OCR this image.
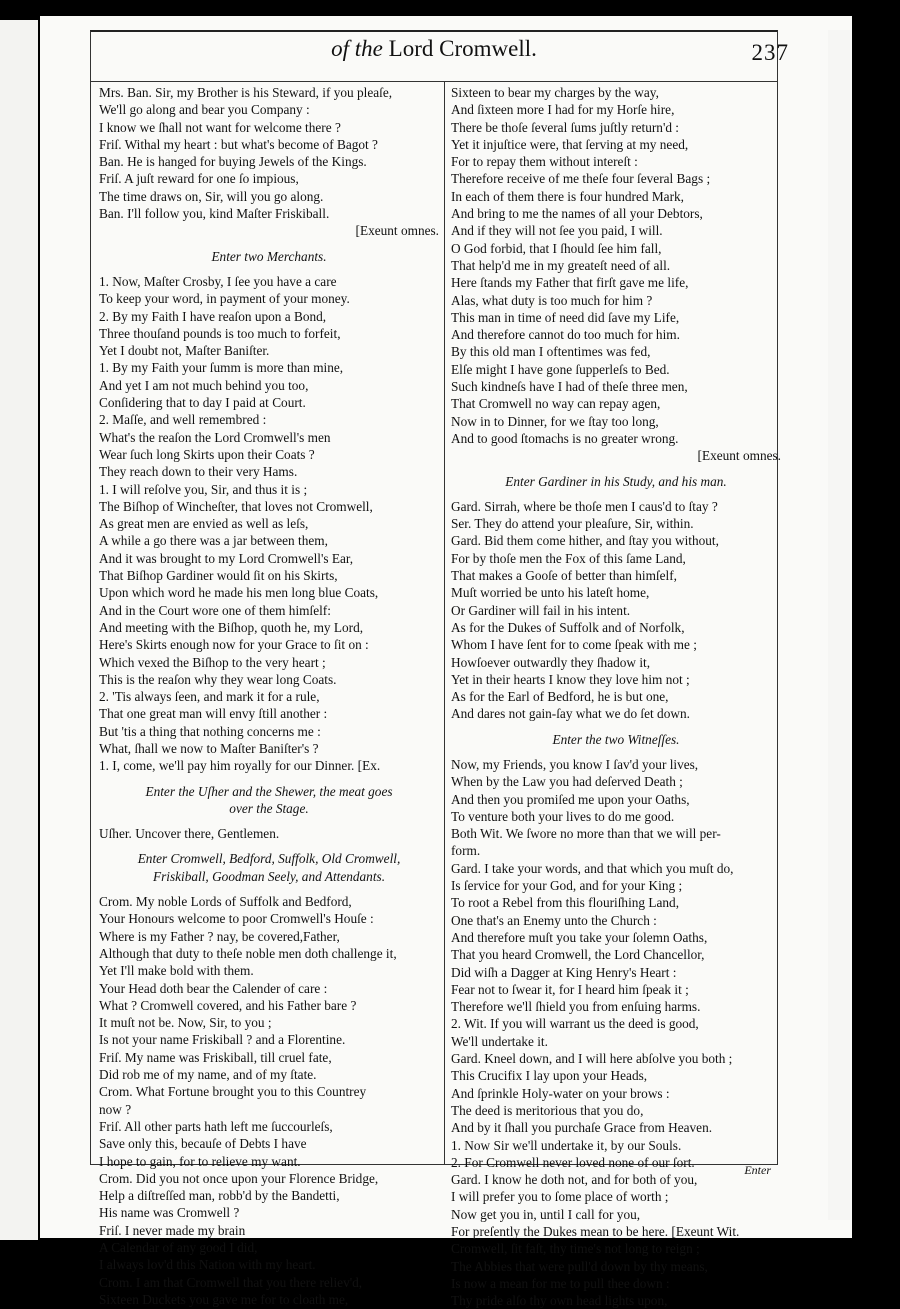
of the Lord Cromwell.	237
Mrs. Ban. Sir, my Brother is his Steward, if you pleaſe,
We'll go along and bear you Company :
I know we ſhall not want for welcome there ?
Friſ. Withal my heart : but what's become of Bagot ?
Ban. He is hanged for buying Jewels of the Kings.
Friſ. A juſt reward for one ſo impious,
The time draws on, Sir, will you go along.
Ban. I'll follow you, kind Maſter Friskiball.
[Exeunt omnes.
Enter two Merchants.
1. Now, Maſter Crosby, I ſee you have a care
To keep your word, in payment of your money.
2. By my Faith I have reaſon upon a Bond,
Three thouſand pounds is too much to forfeit,
Yet I doubt not, Maſter Baniſter.
1. By my Faith your ſumm is more than mine,
And yet I am not much behind you too,
Conſidering that to day I paid at Court.
2. Maſſe, and well remembred :
What's the reaſon the Lord Cromwell's men
Wear ſuch long Skirts upon their Coats ?
They reach down to their very Hams.
1. I will reſolve you, Sir, and thus it is ;
The Biſhop of Wincheſter, that loves not Cromwell,
As great men are envied as well as leſs,
A while a go there was a jar between them,
And it was brought to my Lord Cromwell's Ear,
That Biſhop Gardiner would ſit on his Skirts,
Upon which word he made his men long blue Coats,
And in the Court wore one of them himſelf:
And meeting with the Biſhop, quoth he, my Lord,
Here's Skirts enough now for your Grace to ſit on :
Which vexed the Biſhop to the very heart ;
This is the reaſon why they wear long Coats.
2. 'Tis always ſeen, and mark it for a rule,
That one great man will envy ſtill another :
But 'tis a thing that nothing concerns me :
What, ſhall we now to Maſter Baniſter's ?
1. I, come, we'll pay him royally for our Dinner. [Ex.
Enter the Uſher and the Shewer, the meat goes
over the Stage.
Uſher. Uncover there, Gentlemen.
Enter Cromwell, Bedford, Suffolk, Old Cromwell,
Friskiball, Goodman Seely, and Attendants.
Crom. My noble Lords of Suffolk and Bedford,
Your Honours welcome to poor Cromwell's Houſe :
Where is my Father ? nay, be covered,Father,
Although that duty to theſe noble men doth challenge it,
Yet I'll make bold with them.
Your Head doth bear the Calender of care :
What ? Cromwell covered, and his Father bare ?
It muſt not be. Now, Sir, to you ;
Is not your name Friskiball ? and a Florentine.
Friſ. My name was Friskiball, till cruel fate,
Did rob me of my name, and of my ſtate.
Crom. What Fortune brought you to this Countrey
now ?
Friſ. All other parts hath left me ſuccourleſs,
Save only this, becauſe of Debts I have
I hope to gain, for to relieve my want.
Crom. Did you not once upon your Florence Bridge,
Help a diſtreſſed man, robb'd by the Bandetti,
His name was Cromwell ?
Friſ. I never made my brain
A Calendar of any good I did,
I always lov'd this Nation with my heart.
Crom. I am that Cromwell that you there reliev'd,
Sixteen Duckets you gave me for to cloath me,
Sixteen to bear my charges by the way,
And ſixteen more I had for my Horſe hire,
There be thoſe ſeveral ſums juſtly return'd :
Yet it injuſtice were, that ſerving at my need,
For to repay them without intereſt :
Therefore receive of me theſe four ſeveral Bags ;
In each of them there is four hundred Mark,
And bring to me the names of all your Debtors,
And if they will not ſee you paid, I will.
O God forbid, that I ſhould ſee him fall,
That help'd me in my greateſt need of all.
Here ſtands my Father that firſt gave me life,
Alas, what duty is too much for him ?
This man in time of need did ſave my Life,
And therefore cannot do too much for him.
By this old man I oftentimes was fed,
Elſe might I have gone ſupperleſs to Bed.
Such kindneſs have I had of theſe three men,
That Cromwell no way can repay agen,
Now in to Dinner, for we ſtay too long,
And to good ſtomachs is no greater wrong.
[Exeunt omnes.
Enter Gardiner in his Study, and his man.
Gard. Sirrah, where be thoſe men I caus'd to ſtay ?
Ser. They do attend your pleaſure, Sir, within.
Gard. Bid them come hither, and ſtay you without,
For by thoſe men the Fox of this ſame Land,
That makes a Gooſe of better than himſelf,
Muſt worried be unto his lateſt home,
Or Gardiner will fail in his intent.
As for the Dukes of Suffolk and of Norfolk,
Whom I have ſent for to come ſpeak with me ;
Howſoever outwardly they ſhadow it,
Yet in their hearts I know they love him not ;
As for the Earl of Bedford, he is but one,
And dares not gain-ſay what we do ſet down.
Enter the two Witneſſes.
Now, my Friends, you know I ſav'd your lives,
When by the Law you had deſerved Death ;
And then you promiſed me upon your Oaths,
To venture both your lives to do me good.
Both Wit. We ſwore no more than that we will per-
form.
Gard. I take your words, and that which you muſt do,
Is ſervice for your God, and for your King ;
To root a Rebel from this flouriſhing Land,
One that's an Enemy unto the Church :
And therefore muſt you take your ſolemn Oaths,
That you heard Cromwell, the Lord Chancellor,
Did wiſh a Dagger at King Henry's Heart :
Fear not to ſwear it, for I heard him ſpeak it ;
Therefore we'll ſhield you from enſuing harms.
2. Wit. If you will warrant us the deed is good,
We'll undertake it.
Gard. Kneel down, and I will here abſolve you both ;
This Crucifix I lay upon your Heads,
And ſprinkle Holy-water on your brows :
The deed is meritorious that you do,
And by it ſhall you purchaſe Grace from Heaven.
1. Now Sir we'll undertake it, by our Souls.
2. For Cromwell never loved none of our ſort.
Gard. I know he doth not, and for both of you,
I will prefer you to ſome place of worth ;
Now get you in, until I call for you,
For preſently the Dukes mean to be here. [Exeunt Wit.
Cromwell, ſit faſt, thy time's not long to reign ;
The Abbies that were pull'd down by thy means,
Is now a mean for me to pull thee down :
Thy pride alſo thy own head lights upon,
Enter
